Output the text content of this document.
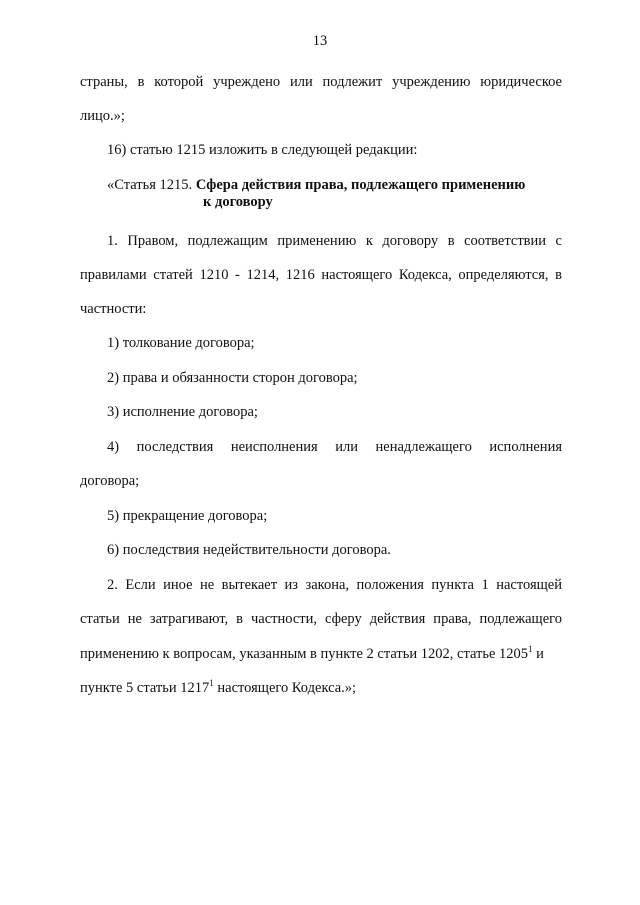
13
страны, в которой учреждено или подлежит учреждению юридическое
лицо.»;
16) статью 1215 изложить в следующей редакции:
«Статья 1215. Сфера действия права, подлежащего применению
к договору
1. Правом, подлежащим применению к договору в соответствии с
правилами статей 1210 - 1214, 1216 настоящего Кодекса, определяются, в
частности:
1) толкование договора;
2) права и обязанности сторон договора;
3) исполнение договора;
4) последствия неисполнения или ненадлежащего исполнения
договора;
5) прекращение договора;
6) последствия недействительности договора.
2. Если иное не вытекает из закона, положения пункта 1 настоящей
статьи не затрагивают, в частности, сферу действия права, подлежащего
применению к вопросам, указанным в пункте 2 статьи 1202, статье 1205$^1$ и
пункте 5 статьи 1217$^1$ настоящего Кодекса.»;
